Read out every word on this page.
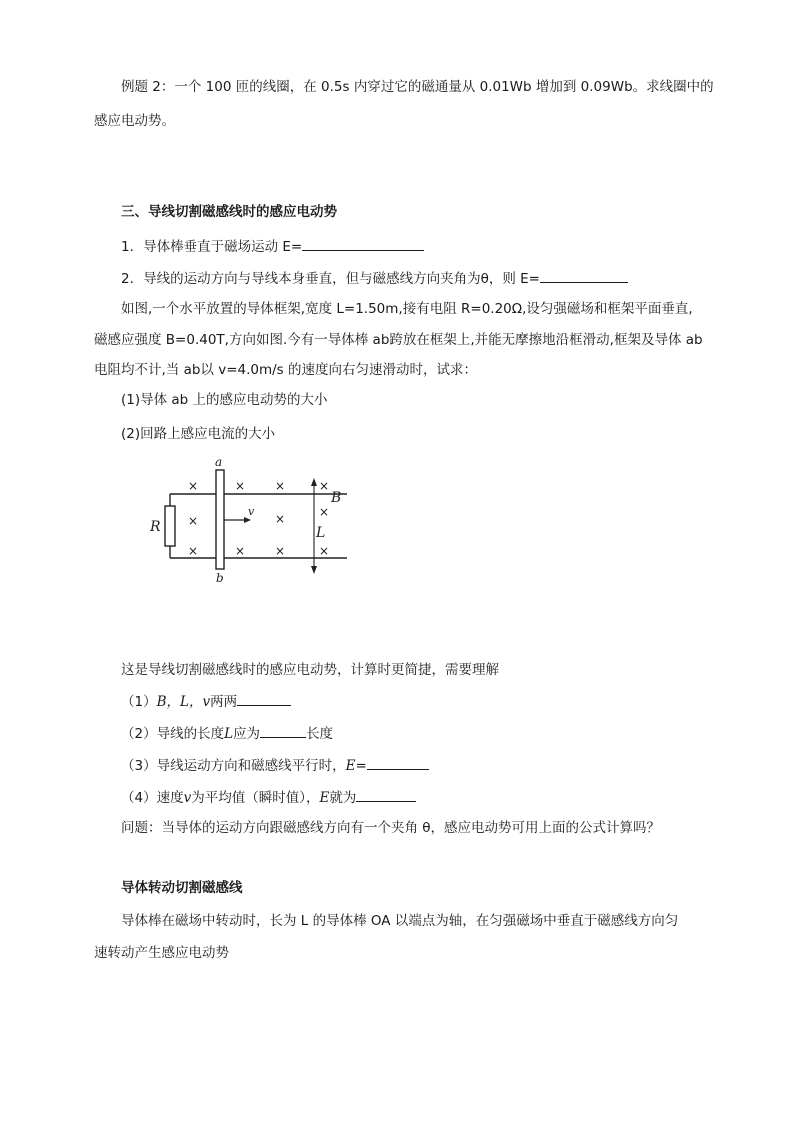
例题 2：一个 100 匝的线圈，在 0.5s 内穿过它的磁通量从 0.01Wb 增加到 0.09Wb。求线圈中的
感应电动势。
三、导线切割磁感线时的感应电动势
1．导体棒垂直于磁场运动 E=
2．导线的运动方向与导线本身垂直，但与磁感线方向夹角为θ，则 E=
如图,一个水平放置的导体框架,宽度 L=1.50m,接有电阻 R=0.20Ω,设匀强磁场和框架平面垂直,
磁感应强度 B=0.40T,方向如图.今有一导体棒 ab跨放在框架上,并能无摩擦地沿框滑动,框架及导体 ab
电阻均不计,当 ab以 v=4.0m/s 的速度向右匀速滑动时，试求：
(1)导体 ab 上的感应电动势的大小
(2)回路上感应电流的大小
R
a
b
v
×
×
×
×
×
×
×
×
×
×
×
B
L
这是导线切割磁感线时的感应电动势，计算时更简捷，需要理解
（1）B，L，v两两
（2）导线的长度L应为	长度
（3）导线运动方向和磁感线平行时，E=
（4）速度v为平均值（瞬时值），E就为
问题：当导体的运动方向跟磁感线方向有一个夹角 θ，感应电动势可用上面的公式计算吗？
导体转动切割磁感线
导体棒在磁场中转动时，长为 L 的导体棒 OA 以端点为轴，在匀强磁场中垂直于磁感线方向匀
速转动产生感应电动势
